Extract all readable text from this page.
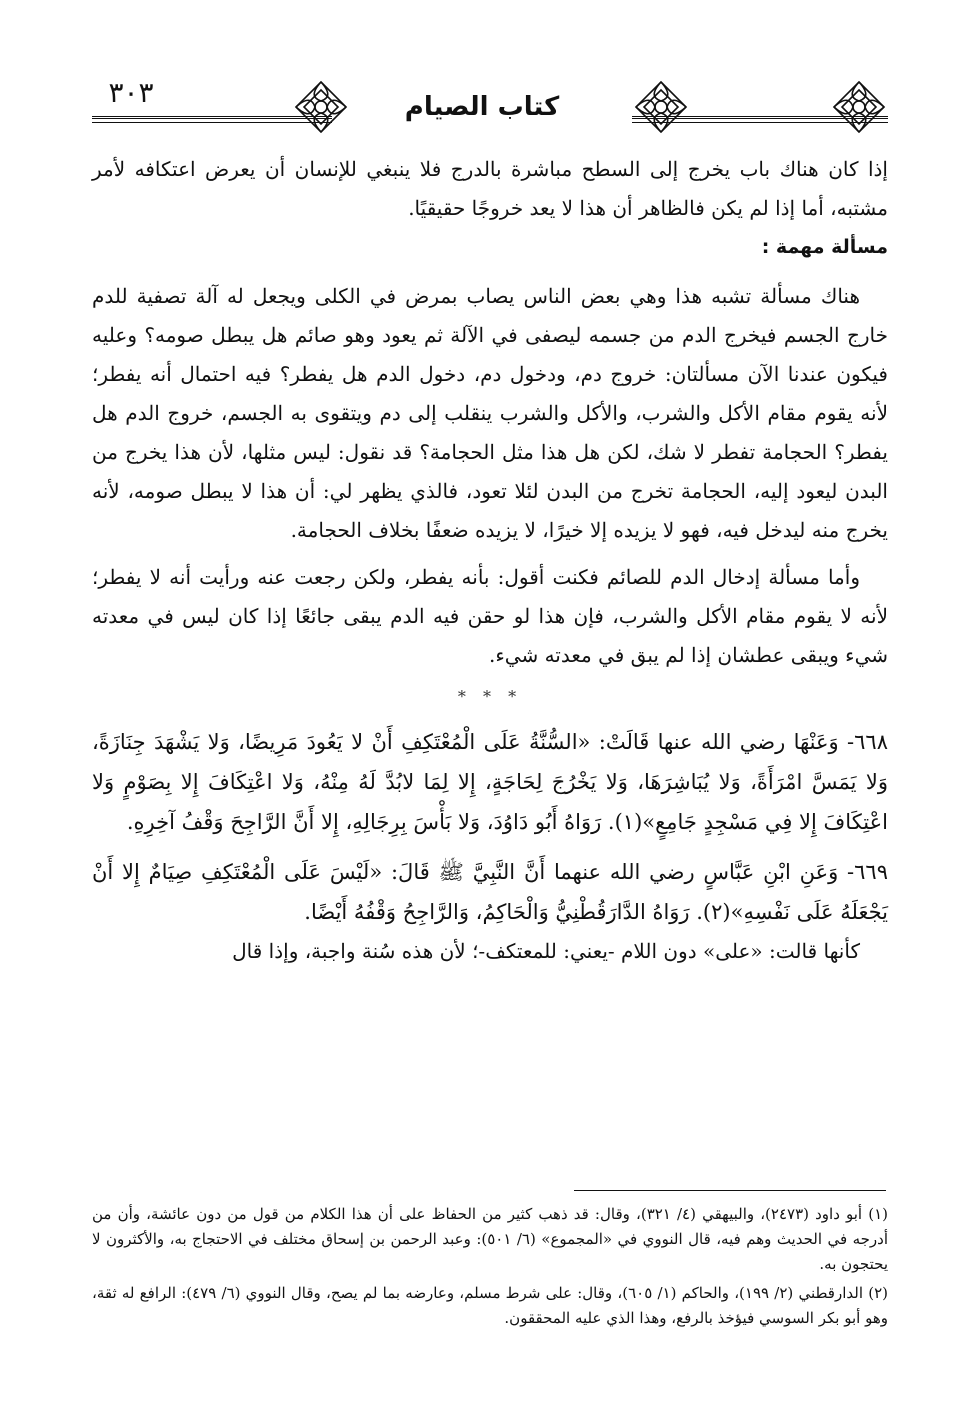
كتاب الصيام
٣٠٣

إذا كان هناك باب يخرج إلى السطح مباشرة بالدرج فلا ينبغي للإنسان أن يعرض اعتكافه لأمر مشتبه، أما إذا لم يكن فالظاهر أن هذا لا يعد خروجًا حقيقيًا.

مسألة مهمة :

هناك مسألة تشبه هذا وهي بعض الناس يصاب بمرض في الكلى ويجعل له آلة تصفية للدم خارج الجسم فيخرج الدم من جسمه ليصفى في الآلة ثم يعود وهو صائم هل يبطل صومه؟ وعليه فيكون عندنا الآن مسألتان: خروج دم، ودخول دم، دخول الدم هل يفطر؟ فيه احتمال أنه يفطر؛ لأنه يقوم مقام الأكل والشرب، والأكل والشرب ينقلب إلى دم ويتقوى به الجسم، خروج الدم هل يفطر؟ الحجامة تفطر لا شك، لكن هل هذا مثل الحجامة؟ قد نقول: ليس مثلها، لأن هذا يخرج من البدن ليعود إليه، الحجامة تخرج من البدن لئلا تعود، فالذي يظهر لي: أن هذا لا يبطل صومه، لأنه يخرج منه ليدخل فيه، فهو لا يزيده إلا خيرًا، لا يزيده ضعفًا بخلاف الحجامة.

وأما مسألة إدخال الدم للصائم فكنت أقول: بأنه يفطر، ولكن رجعت عنه ورأيت أنه لا يفطر؛ لأنه لا يقوم مقام الأكل والشرب، فإن هذا لو حقن فيه الدم يبقى جائعًا إذا كان ليس في معدته شيء ويبقى عطشان إذا لم يبق في معدته شيء.

* * *

٦٦٨- وَعَنْهَا رضي الله عنها قَالَتْ: «السُّنَّةُ عَلَى الْمُعْتَكِفِ أَنْ لا يَعُودَ مَرِيضًا، وَلا يَشْهَدَ جِنَازَةً، وَلا يَمَسَّ امْرَأَةً، وَلا يُبَاشِرَهَا، وَلا يَخْرُجَ لِحَاجَةٍ، إِلا لِمَا لابُدَّ لَهُ مِنْهُ، وَلا اعْتِكَافَ إِلا بِصَوْمٍ وَلا اعْتِكَافَ إِلا فِي مَسْجِدٍ جَامِعٍ»(١). رَوَاهُ أَبُو دَاوُدَ، وَلا بَأْسَ بِرِجَالِهِ، إِلا أَنَّ الرَّاجِحَ وَقْفُ آخِرِهِ.

٦٦٩- وَعَنِ ابْنِ عَبَّاسٍ رضي الله عنهما أَنَّ النَّبِيَّ ﷺ قَالَ: «لَيْسَ عَلَى الْمُعْتَكِفِ صِيَامٌ إِلا أَنْ يَجْعَلَهُ عَلَى نَفْسِهِ»(٢). رَوَاهُ الدَّارَقُطْنِيُّ وَالْحَاكِمُ، وَالرَّاجِحُ وَقْفُهُ أَيْضًا.

كأنها قالت: «على» دون اللام -يعني: للمعتكف-؛ لأن هذه سُنة واجبة، وإذا قال

(١) أبو داود (٢٤٧٣)، والبيهقي (٤/ ٣٢١)، وقال: قد ذهب كثير من الحفاظ على أن هذا الكلام من قول من دون عائشة، وأن من أدرجه في الحديث وهم فيه، قال النووي في «المجموع» (٦/ ٥٠١): وعبد الرحمن بن إسحاق مختلف في الاحتجاج به، والأكثرون لا يحتجون به.

(٢) الدارقطني (٢/ ١٩٩)، والحاكم (١/ ٦٠٥)، وقال: على شرط مسلم، وعارضه بما لم يصح، وقال النووي (٦/ ٤٧٩): الرافع له ثقة، وهو أبو بكر السوسي فيؤخذ بالرفع، وهذا الذي عليه المحققون.
